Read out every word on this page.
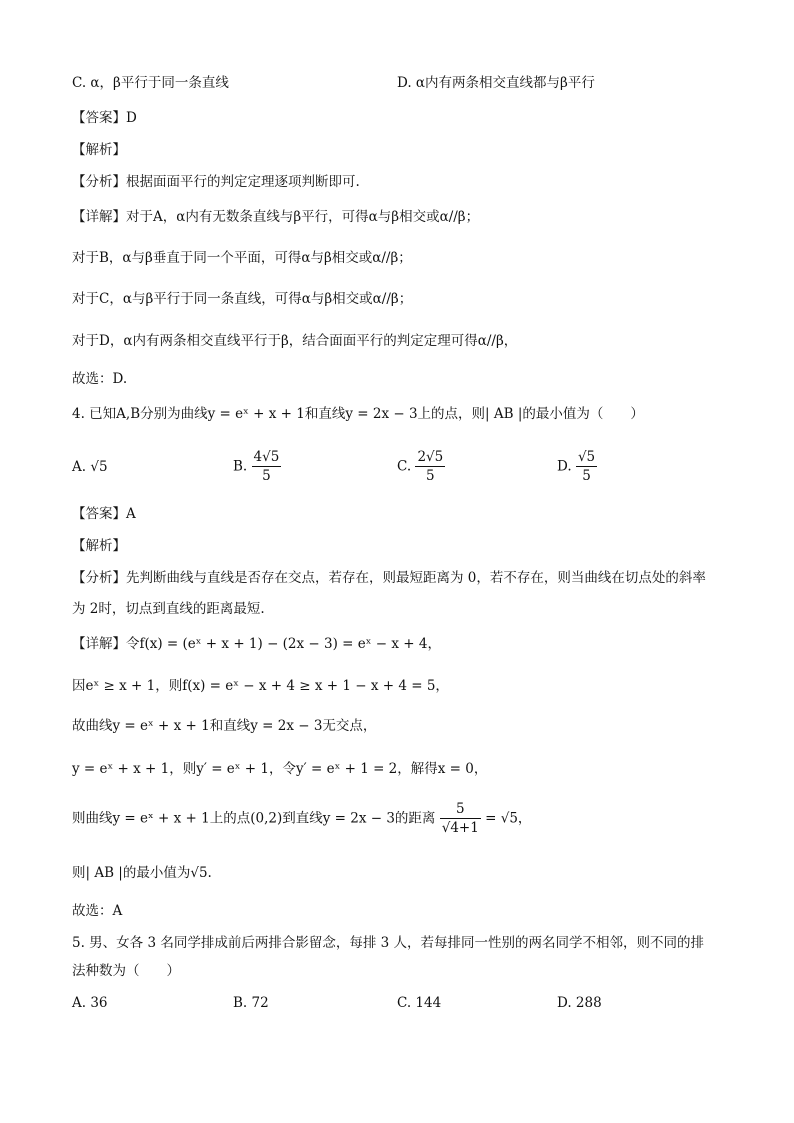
C. α，β平行于同一条直线	D. α内有两条相交直线都与β平行
【答案】D
【解析】
【分析】根据面面平行的判定定理逐项判断即可.
【详解】对于A，α内有无数条直线与β平行，可得α与β相交或α//β；
对于B，α与β垂直于同一个平面，可得α与β相交或α//β；
对于C，α与β平行于同一条直线，可得α与β相交或α//β；
对于D，α内有两条相交直线平行于β，结合面面平行的判定定理可得α//β，
故选：D.
4. 已知A,B分别为曲线y = eˣ + x + 1和直线y = 2x − 3上的点，则| AB |的最小值为（　　）
A. √5	B. $\frac{4√5}{5}$	C. $\frac{2√5}{5}$	D. $\frac{√5}{5}$
【答案】A
【解析】
【分析】先判断曲线与直线是否存在交点，若存在，则最短距离为 0，若不存在，则当曲线在切点处的斜率
为 2时，切点到直线的距离最短.
【详解】令f(x) = (eˣ + x + 1) − (2x − 3) = eˣ − x + 4，
因eˣ ≥ x + 1，则f(x) = eˣ − x + 4 ≥ x + 1 − x + 4 = 5，
故曲线y = eˣ + x + 1和直线y = 2x − 3无交点，
y = eˣ + x + 1，则y′ = eˣ + 1，令y′ = eˣ + 1 = 2，解得x = 0，
则曲线y = eˣ + x + 1上的点(0,2)到直线y = 2x − 3的距离 $\frac{5}{√4+1} = √5$，
则| AB |的最小值为√5.
故选：A
5. 男、女各 3 名同学排成前后两排合影留念，每排 3 人，若每排同一性别的两名同学不相邻，则不同的排
法种数为（　　）
A. 36	B. 72	C. 144	D. 288
